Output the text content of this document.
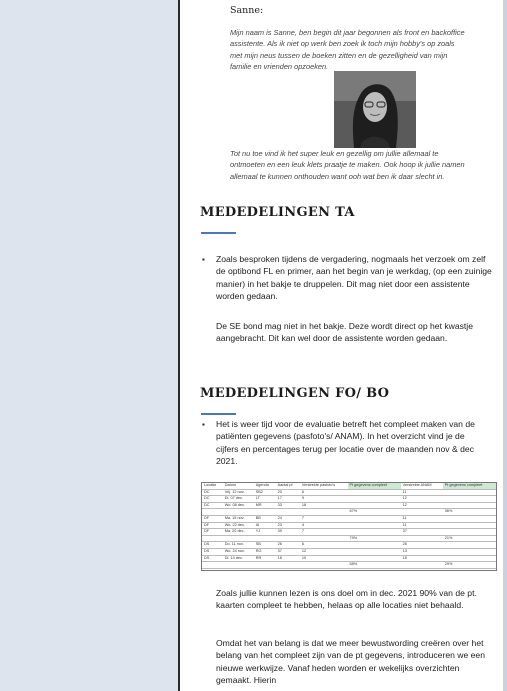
Sanne:
Mijn naam is Sanne, ben begin dit jaar begonnen als front en backoffice assistente. Als ik niet op werk ben zoek ik toch mijn hobby's op zoals met mijn neus tussen de boeken zitten en de gezelligheid van mijn familie en vrienden opzoeken.
Tot nu toe vind ik het super leuk en gezellig om jullie allemaal te ontmoeten en een leuk klets praatje te maken. Ook hoop ik jullie namen allemaal te kunnen onthouden want ooh wat ben ik daar slecht in.
MEDEDELINGEN TA
▪ Zoals besproken tijdens de vergadering, nogmaals het verzoek om zelf de optibond FL en primer, aan het begin van je werkdag, (op een zuinige manier) in het bakje te druppelen. Dit mag niet door een assistente worden gedaan.
De SE bond mag niet in het bakje. Deze wordt direct op het kwastje aangebracht. Dit kan wel door de assistente worden gedaan.
MEDEDELINGEN FO/ BO
▪ Het is weer tijd voor de evaluatie betreft het compleet maken van de patiënten gegevens (pasfoto's/ ANAM). In het overzicht vind je de cijfers en percentages terug per locatie over de maanden nov & dec 2021.
Locatie	Datum	Agenda	Aantal pt	Verstrekte pasfoto's	Pt gegevens compleet	Verstrekte ANAM	Pt gegevens compleet
DC	Vrij. 12 nov.	SB2	20	6		11	
DC	Di. 07 dec.	LT	17	9		12	
DC	Wo. 08 dec.	MR	33	18		12	
					67%		36%
DF	Ma. 15 nov.	BB	24	7		11	
DF	Wo. 22 dec.	AI	23	4		11	
DF	Ma. 20 dec.	YJ	39	7		37	
					79%		21%
DS	Do. 11 nov.	SB	26	6		26	
DS	Wo. 24 nov.	RG	37	12		13	
DS	Di. 14 dec.	RR	18	10		15	
					58%		29%
Zoals jullie kunnen lezen is ons doel om in dec. 2021 90% van de pt. kaarten compleet te hebben, helaas op alle locaties niet behaald.
Omdat het van belang is dat we meer bewustwording creëren over het belang van het compleet zijn van de pt gegevens, introduceren we een nieuwe werkwijze. Vanaf heden worden er wekelijks overzichten gemaakt. Hierin
